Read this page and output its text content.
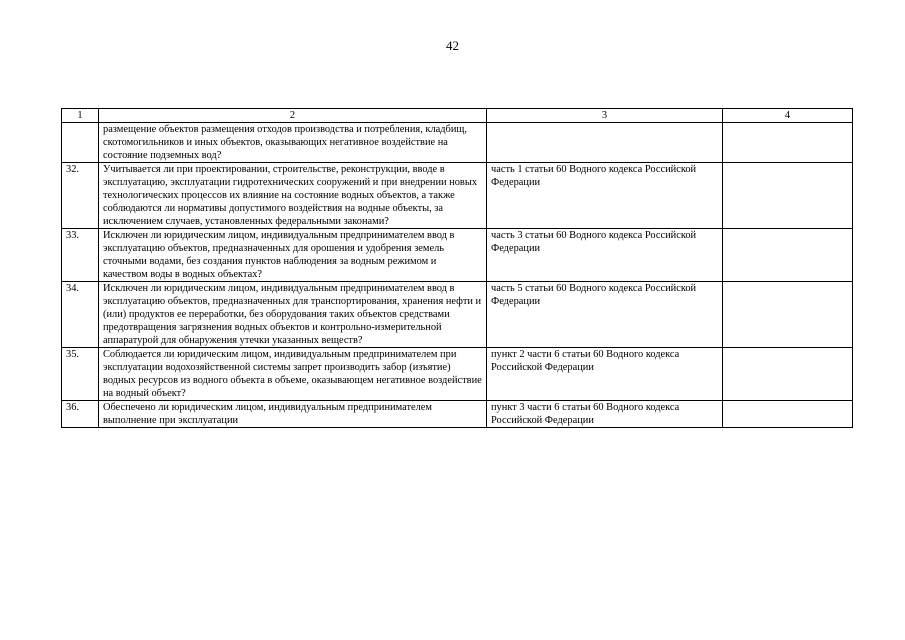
42
1	2	3	4
	размещение объектов размещения отходов производства и потребления, кладбищ, скотомогильников и иных объектов, оказывающих негативное воздействие на состояние подземных вод?		
32.	Учитывается ли при проектировании, строительстве, реконструкции, вводе в эксплуатацию, эксплуатации гидротехнических сооружений и при внедрении новых технологических процессов их влияние на состояние водных объектов, а также соблюдаются ли нормативы допустимого воздействия на водные объекты, за исключением случаев, установленных федеральными законами?	часть 1 статьи 60 Водного кодекса Российской Федерации	
33.	Исключен ли юридическим лицом, индивидуальным предпринимателем ввод в эксплуатацию объектов, предназначенных для орошения и удобрения земель сточными водами, без создания пунктов наблюдения за водным режимом и качеством воды в водных объектах?	часть 3 статьи 60 Водного кодекса Российской Федерации	
34.	Исключен ли юридическим лицом, индивидуальным предпринимателем ввод в эксплуатацию объектов, предназначенных для транспортирования, хранения нефти и (или) продуктов ее переработки, без оборудования таких объектов средствами предотвращения загрязнения водных объектов и контрольно-измерительной аппаратурой для обнаружения утечки указанных веществ?	часть 5 статьи 60 Водного кодекса Российской Федерации	
35.	Соблюдается ли юридическим лицом, индивидуальным предпринимателем при эксплуатации водохозяйственной системы запрет производить забор (изъятие) водных ресурсов из водного объекта в объеме, оказывающем негативное воздействие на водный объект?	пункт 2 части 6 статьи 60 Водного кодекса Российской Федерации	
36.	Обеспечено ли юридическим лицом, индивидуальным предпринимателем выполнение при эксплуатации	пункт 3 части 6 статьи 60 Водного кодекса Российской Федерации	
